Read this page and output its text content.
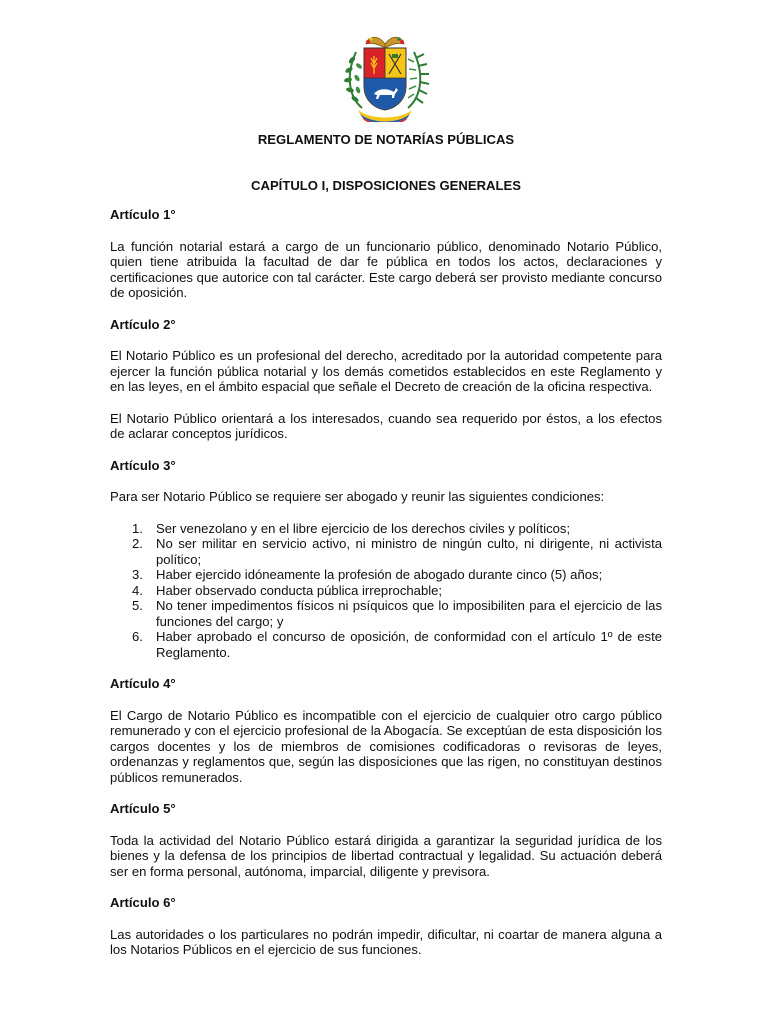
REGLAMENTO DE NOTARÍAS PÚBLICAS

CAPÍTULO I, DISPOSICIONES GENERALES

Artículo 1°

La función notarial estará a cargo de un funcionario público, denominado Notario Público, quien tiene atribuida la facultad de dar fe pública en todos los actos, declaraciones y certificaciones que autorice con tal carácter. Este cargo deberá ser provisto mediante concurso de oposición.

Artículo 2°

El Notario Público es un profesional del derecho, acreditado por la autoridad competente para ejercer la función pública notarial y los demás cometidos establecidos en este Reglamento y en las leyes, en el ámbito espacial que señale el Decreto de creación de la oficina respectiva.

El Notario Público orientará a los interesados, cuando sea requerido por éstos, a los efectos de aclarar conceptos jurídicos.

Artículo 3°

Para ser Notario Público se requiere ser abogado y reunir las siguientes condiciones:

1. Ser venezolano y en el libre ejercicio de los derechos civiles y políticos;
2. No ser militar en servicio activo, ni ministro de ningún culto, ni dirigente, ni activista político;
3. Haber ejercido idóneamente la profesión de abogado durante cinco (5) años;
4. Haber observado conducta pública irreprochable;
5. No tener impedimentos físicos ni psíquicos que lo imposibiliten para el ejercicio de las funciones del cargo; y
6. Haber aprobado el concurso de oposición, de conformidad con el artículo 1º de este Reglamento.

Artículo 4°

El Cargo de Notario Público es incompatible con el ejercicio de cualquier otro cargo público remunerado y con el ejercicio profesional de la Abogacía. Se exceptúan de esta disposición los cargos docentes y los de miembros de comisiones codificadoras o revisoras de leyes, ordenanzas y reglamentos que, según las disposiciones que las rigen, no constituyan destinos públicos remunerados.

Artículo 5°

Toda la actividad del Notario Público estará dirigida a garantizar la seguridad jurídica de los bienes y la defensa de los principios de libertad contractual y legalidad. Su actuación deberá ser en forma personal, autónoma, imparcial, diligente y previsora.

Artículo 6°

Las autoridades o los particulares no podrán impedir, dificultar, ni coartar de manera alguna a los Notarios Públicos en el ejercicio de sus funciones.
